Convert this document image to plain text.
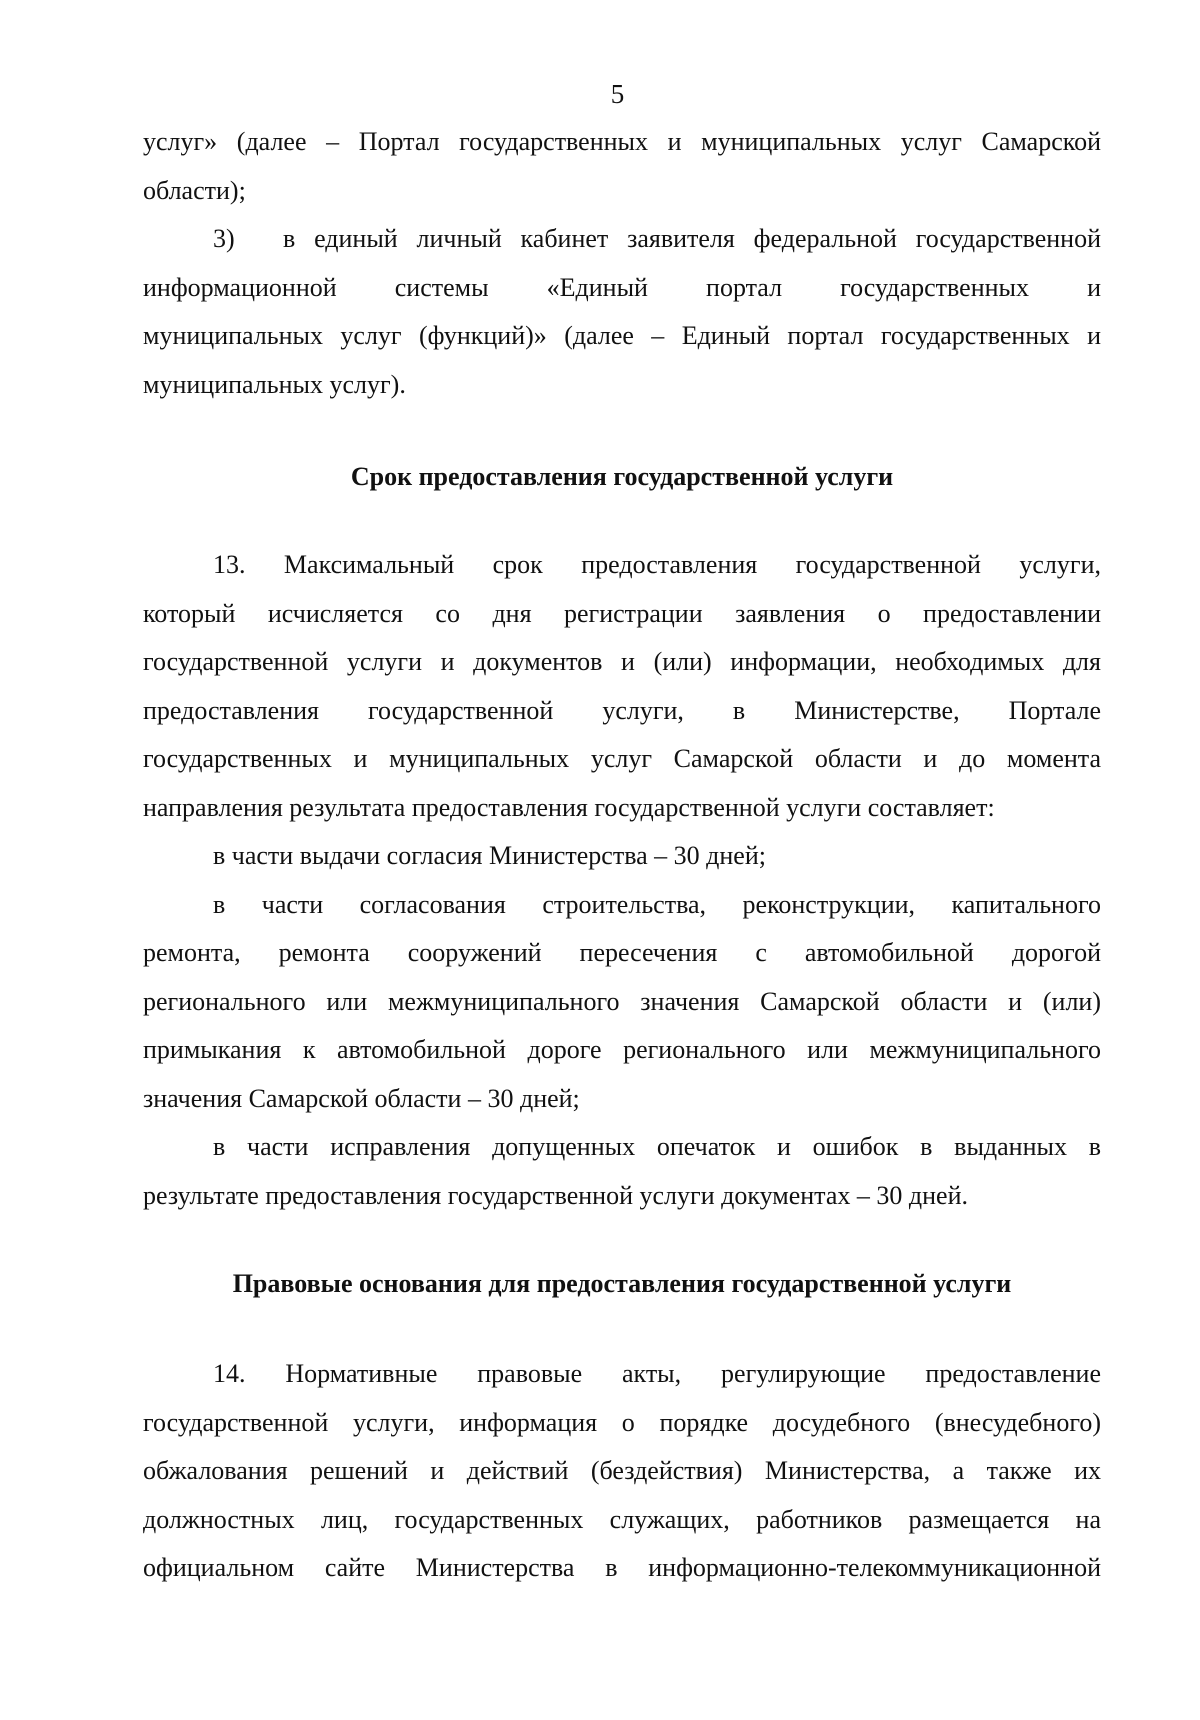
5
услуг» (далее – Портал государственных и муниципальных услуг Самарской
области);
3) в единый личный кабинет заявителя федеральной государственной
информационной системы «Единый портал государственных и
муниципальных услуг (функций)» (далее – Единый портал государственных и
муниципальных услуг).
Срок предоставления государственной услуги
13. Максимальный срок предоставления государственной услуги,
который исчисляется со дня регистрации заявления о предоставлении
государственной услуги и документов и (или) информации, необходимых для
предоставления государственной услуги, в Министерстве, Портале
государственных и муниципальных услуг Самарской области и до момента
направления результата предоставления государственной услуги составляет:
в части выдачи согласия Министерства – 30 дней;
в части согласования строительства, реконструкции, капитального
ремонта, ремонта сооружений пересечения с автомобильной дорогой
регионального или межмуниципального значения Самарской области и (или)
примыкания к автомобильной дороге регионального или межмуниципального
значения Самарской области – 30 дней;
в части исправления допущенных опечаток и ошибок в выданных в
результате предоставления государственной услуги документах – 30 дней.
Правовые основания для предоставления государственной услуги
14. Нормативные правовые акты, регулирующие предоставление
государственной услуги, информация о порядке досудебного (внесудебного)
обжалования решений и действий (бездействия) Министерства, а также их
должностных лиц, государственных служащих, работников размещается на
официальном сайте Министерства в информационно-телекоммуникационной
